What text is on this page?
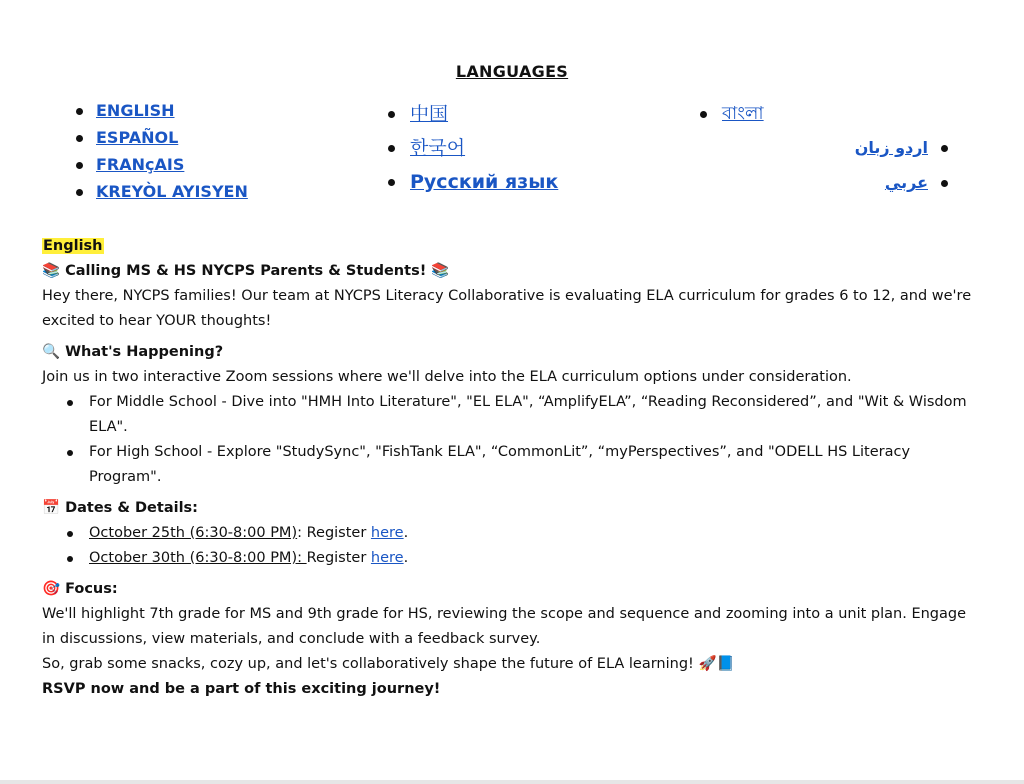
LANGUAGES
ENGLISH
ESPAÑOL
FRANçAIS
KREYÒL AYISYEN
中国
한국어
Русский язык
বাংলা
اردو زبان
عربي

English

📚 Calling MS & HS NYCPS Parents & Students! 📚

Hey there, NYCPS families! Our team at NYCPS Literacy Collaborative is evaluating ELA curriculum for grades 6 to 12, and we're excited to hear YOUR thoughts!

🔍 What's Happening?

Join us in two interactive Zoom sessions where we'll delve into the ELA curriculum options under consideration.

For Middle School - Dive into "HMH Into Literature", "EL ELA", “AmplifyELA”, “Reading Reconsidered”, and "Wit & Wisdom ELA".
For High School - Explore "StudySync", "FishTank ELA", “CommonLit”, “myPerspectives”, and "ODELL HS Literacy Program".

📅 Dates & Details:

October 25th (6:30-8:00 PM): Register here.
October 30th (6:30-8:00 PM): Register here.

🎯 Focus:

We'll highlight 7th grade for MS and 9th grade for HS, reviewing the scope and sequence and zooming into a unit plan. Engage in discussions, view materials, and conclude with a feedback survey.

So, grab some snacks, cozy up, and let's collaboratively shape the future of ELA learning! 🚀📘

RSVP now and be a part of this exciting journey!
